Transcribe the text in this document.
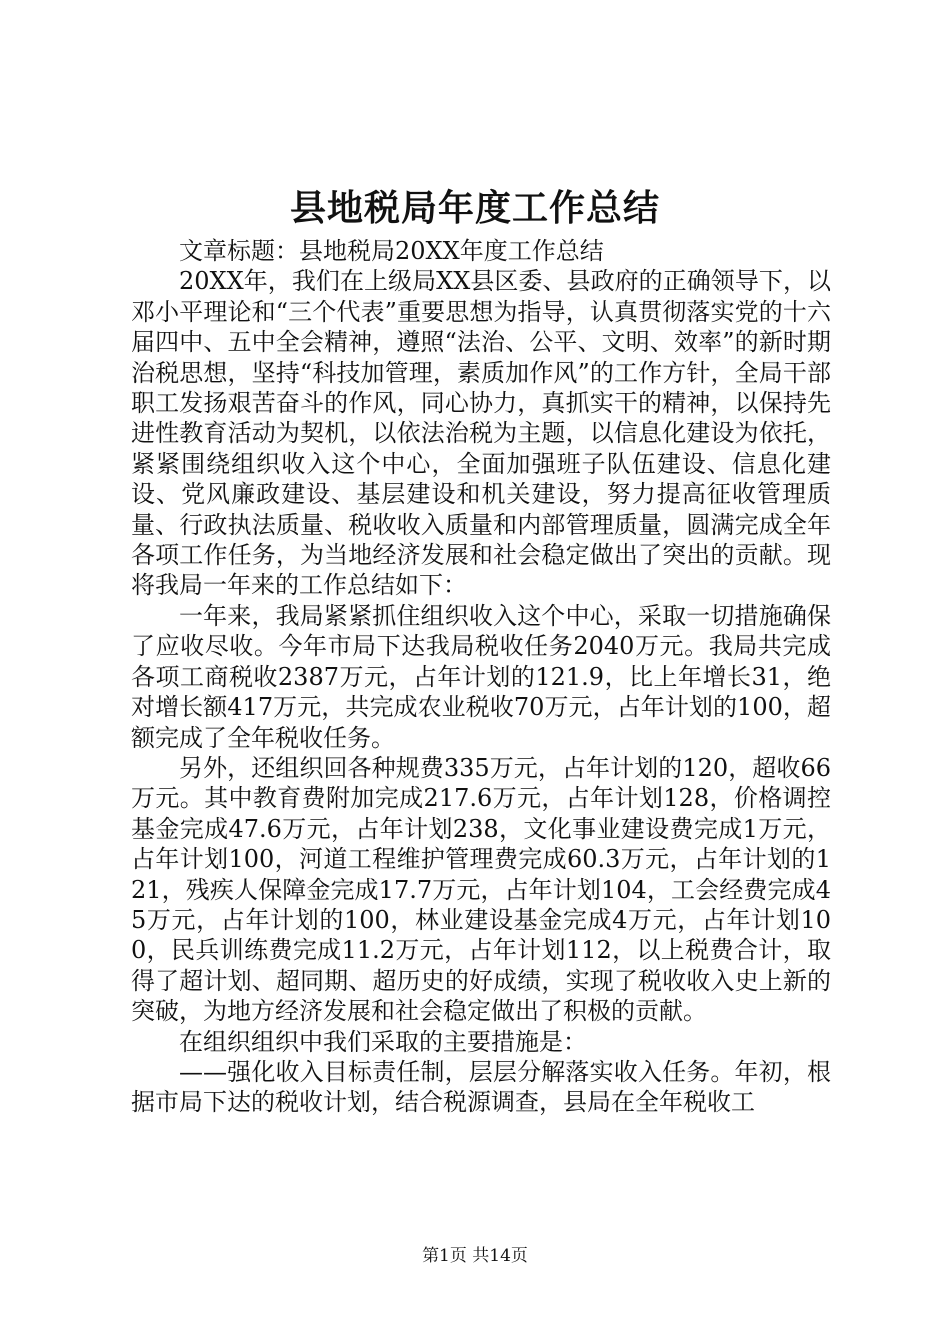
县地税局年度工作总结

文章标题：县地税局20XX年度工作总结

20XX年，我们在上级局XX县区委、县政府的正确领导下，以邓小平理论和“三个代表”重要思想为指导，认真贯彻落实党的十六届四中、五中全会精神，遵照“法治、公平、文明、效率”的新时期治税思想，坚持“科技加管理，素质加作风”的工作方针，全局干部职工发扬艰苦奋斗的作风，同心协力，真抓实干的精神，以保持先进性教育活动为契机，以依法治税为主题，以信息化建设为依托，紧紧围绕组织收入这个中心，全面加强班子队伍建设、信息化建设、党风廉政建设、基层建设和机关建设，努力提高征收管理质量、行政执法质量、税收收入质量和内部管理质量，圆满完成全年各项工作任务，为当地经济发展和社会稳定做出了突出的贡献。现将我局一年来的工作总结如下：

一年来，我局紧紧抓住组织收入这个中心，采取一切措施确保了应收尽收。今年市局下达我局税收任务2040万元。我局共完成各项工商税收2387万元，占年计划的121.9，比上年增长31，绝对增长额417万元，共完成农业税收70万元，占年计划的100，超额完成了全年税收任务。

另外，还组织回各种规费335万元，占年计划的120，超收66万元。其中教育费附加完成217.6万元，占年计划128，价格调控基金完成47.6万元，占年计划238，文化事业建设费完成1万元，占年计划100，河道工程维护管理费完成60.3万元，占年计划的121，残疾人保障金完成17.7万元，占年计划104，工会经费完成45万元，占年计划的100，林业建设基金完成4万元，占年计划100，民兵训练费完成11.2万元，占年计划112，以上税费合计，取得了超计划、超同期、超历史的好成绩，实现了税收收入史上新的突破，为地方经济发展和社会稳定做出了积极的贡献。

在组织组织中我们采取的主要措施是：

——强化收入目标责任制，层层分解落实收入任务。年初，根据市局下达的税收计划，结合税源调查，县局在全年税收工

第1页 共14页
